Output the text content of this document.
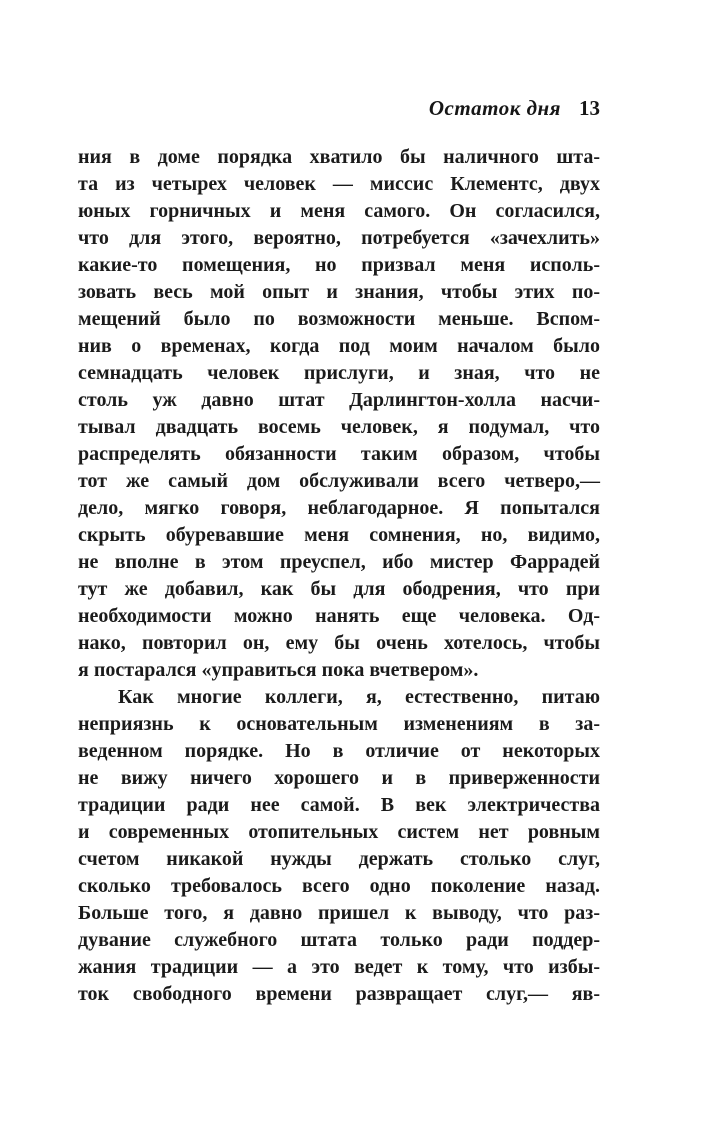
Остаток дня 13
ния в доме порядка хватило бы наличного шта-
та из четырех человек — миссис Клементс, двух
юных горничных и меня самого. Он согласился,
что для этого, вероятно, потребуется «зачехлить»
какие-то помещения, но призвал меня исполь-
зовать весь мой опыт и знания, чтобы этих по-
мещений было по возможности меньше. Вспом-
нив о временах, когда под моим началом было
семнадцать человек прислуги, и зная, что не
столь уж давно штат Дарлингтон-холла насчи-
тывал двадцать восемь человек, я подумал, что
распределять обязанности таким образом, чтобы
тот же самый дом обслуживали всего четверо,—
дело, мягко говоря, неблагодарное. Я попытался
скрыть обуревавшие меня сомнения, но, видимо,
не вполне в этом преуспел, ибо мистер Фаррадей
тут же добавил, как бы для ободрения, что при
необходимости можно нанять еще человека. Од-
нако, повторил он, ему бы очень хотелось, чтобы
я постарался «управиться пока вчетвером».
Как многие коллеги, я, естественно, питаю
неприязнь к основательным изменениям в за-
веденном порядке. Но в отличие от некоторых
не вижу ничего хорошего и в приверженности
традиции ради нее самой. В век электричества
и современных отопительных систем нет ровным
счетом никакой нужды держать столько слуг,
сколько требовалось всего одно поколение назад.
Больше того, я давно пришел к выводу, что раз-
дувание служебного штата только ради поддер-
жания традиции — а это ведет к тому, что избы-
ток свободного времени развращает слуг,— яв-
